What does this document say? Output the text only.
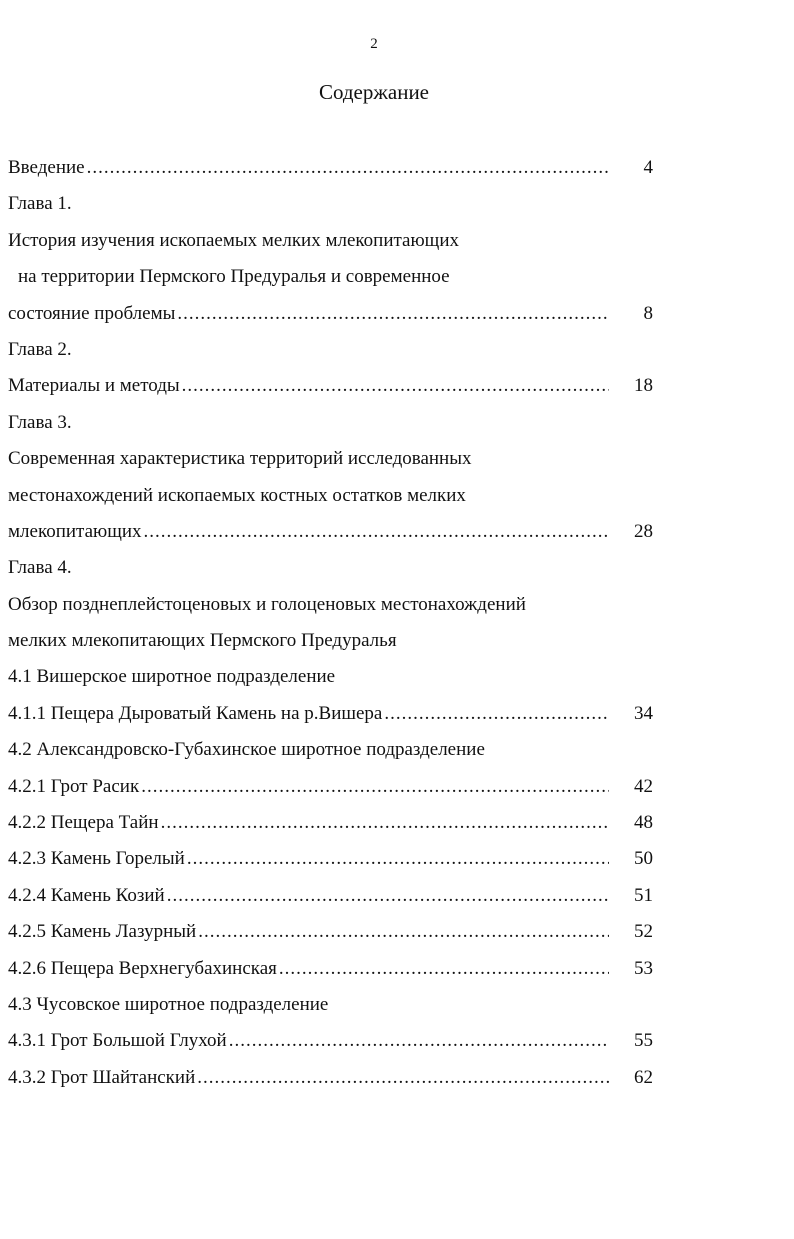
2
Содержание
Введение .....	4
Глава 1.
История изучения ископаемых мелких млекопитающих
на территории Пермского Предуралья и современное
состояние проблемы .....	8
Глава 2.
Материалы и методы .....	18
Глава 3.
Современная характеристика территорий исследованных
местонахождений ископаемых костных остатков мелких
млекопитающих .....	28
Глава 4.
Обзор позднеплейстоценовых и голоценовых местонахождений
мелких млекопитающих Пермского Предуралья
4.1 Вишерское широтное подразделение
4.1.1 Пещера Дыроватый Камень на р.Вишера .....	34
4.2 Александровско-Губахинское широтное подразделение
4.2.1 Грот Расик .....	42
4.2.2 Пещера Тайн .....	48
4.2.3 Камень Горелый .....	50
4.2.4 Камень Козий .....	51
4.2.5 Камень Лазурный .....	52
4.2.6 Пещера Верхнегубахинская .....	53
4.3 Чусовское широтное подразделение
4.3.1 Грот Большой Глухой .....	55
4.3.2 Грот Шайтанский .....	62
